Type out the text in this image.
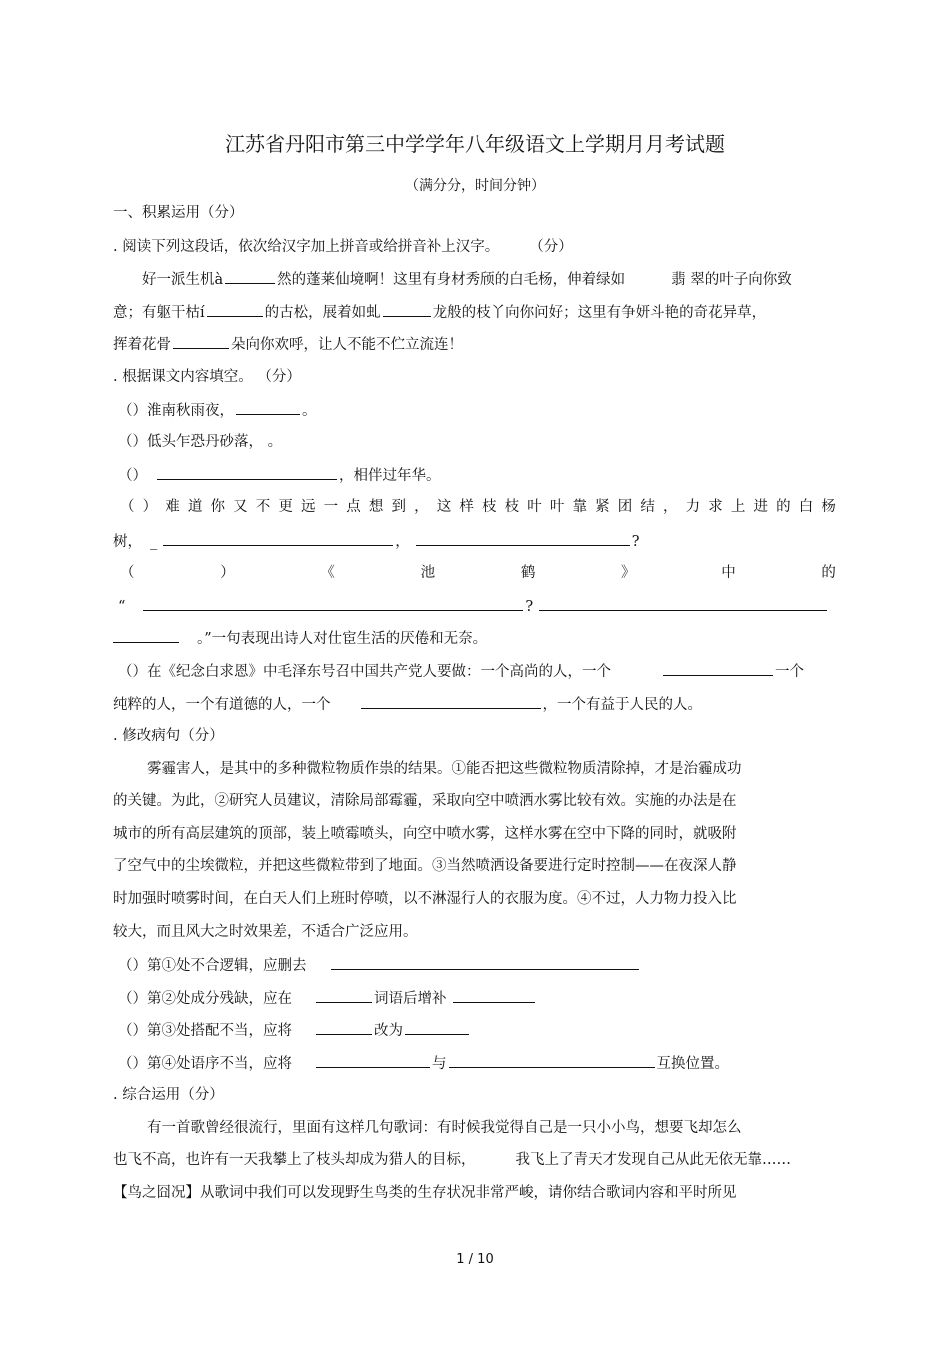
江苏省丹阳市第三中学学年八年级语文上学期月月考试题
（满分分，时间分钟）
一、积累运用（分）
. 阅读下列这段话，依次给汉字加上拼音或给拼音补上汉字。 （分）
好一派生机à	然的蓬莱仙境啊！这里有身材秀颀的白毛杨，伸着绿如	翡 翠的叶子向你致
意；有躯干枯í	的古松，展着如虬	龙般的枝丫向你问好；这里有争妍斗艳的奇花异草，
挥着花骨	朵向你欢呼，让人不能不伫立流连！
. 根据课文内容填空。 （分）
（）淮南秋雨夜，	。
（）低头乍恐丹砂落， 。
（）	，相伴过年华。
（ ） 难 道 你 又 不 更 远 一 点 想 到 ， 这 样 枝 枝 叶 叶 靠 紧 团 结 ， 力 求 上 进 的 白 杨
树， _	，	?
（	）	《	池	鹤	》	中	的
“	?
。”一句表现出诗人对仕宦生活的厌倦和无奈。
（）在《纪念白求恩》中毛泽东号召中国共产党人要做：一个高尚的人，一个	一个
纯粹的人，一个有道德的人，一个	，一个有益于人民的人。
. 修改病句（分）
雾霾害人，是其中的多种微粒物质作祟的结果。①能否把这些微粒物质清除掉，才是治霾成功
的关键。为此，②研究人员建议，清除局部霉霾，采取向空中喷洒水雾比较有效。实施的办法是在
城市的所有高层建筑的顶部，装上喷霉喷头，向空中喷水雾，这样水雾在空中下降的同时，就吸附
了空气中的尘埃微粒，并把这些微粒带到了地面。③当然喷洒设备要进行定时控制——在夜深人静
时加强时喷雾时间，在白天人们上班时停喷，以不淋湿行人的衣服为度。④不过，人力物力投入比
较大，而且风大之时效果差，不适合广泛应用。
（）第①处不合逻辑，应删去
（）第②处成分残缺，应在	词语后增补
（）第③处搭配不当，应将	改为
（）第④处语序不当，应将	与	互换位置。
. 综合运用（分）
有一首歌曾经很流行，里面有这样几句歌词：有时候我觉得自己是一只小小鸟，想要飞却怎么
也飞不高，也许有一天我攀上了枝头却成为猎人的目标，	我飞上了青天才发现自己从此无依无靠……
【鸟之囧况】从歌词中我们可以发现野生鸟类的生存状况非常严峻，请你结合歌词内容和平时所见
1 / 10
